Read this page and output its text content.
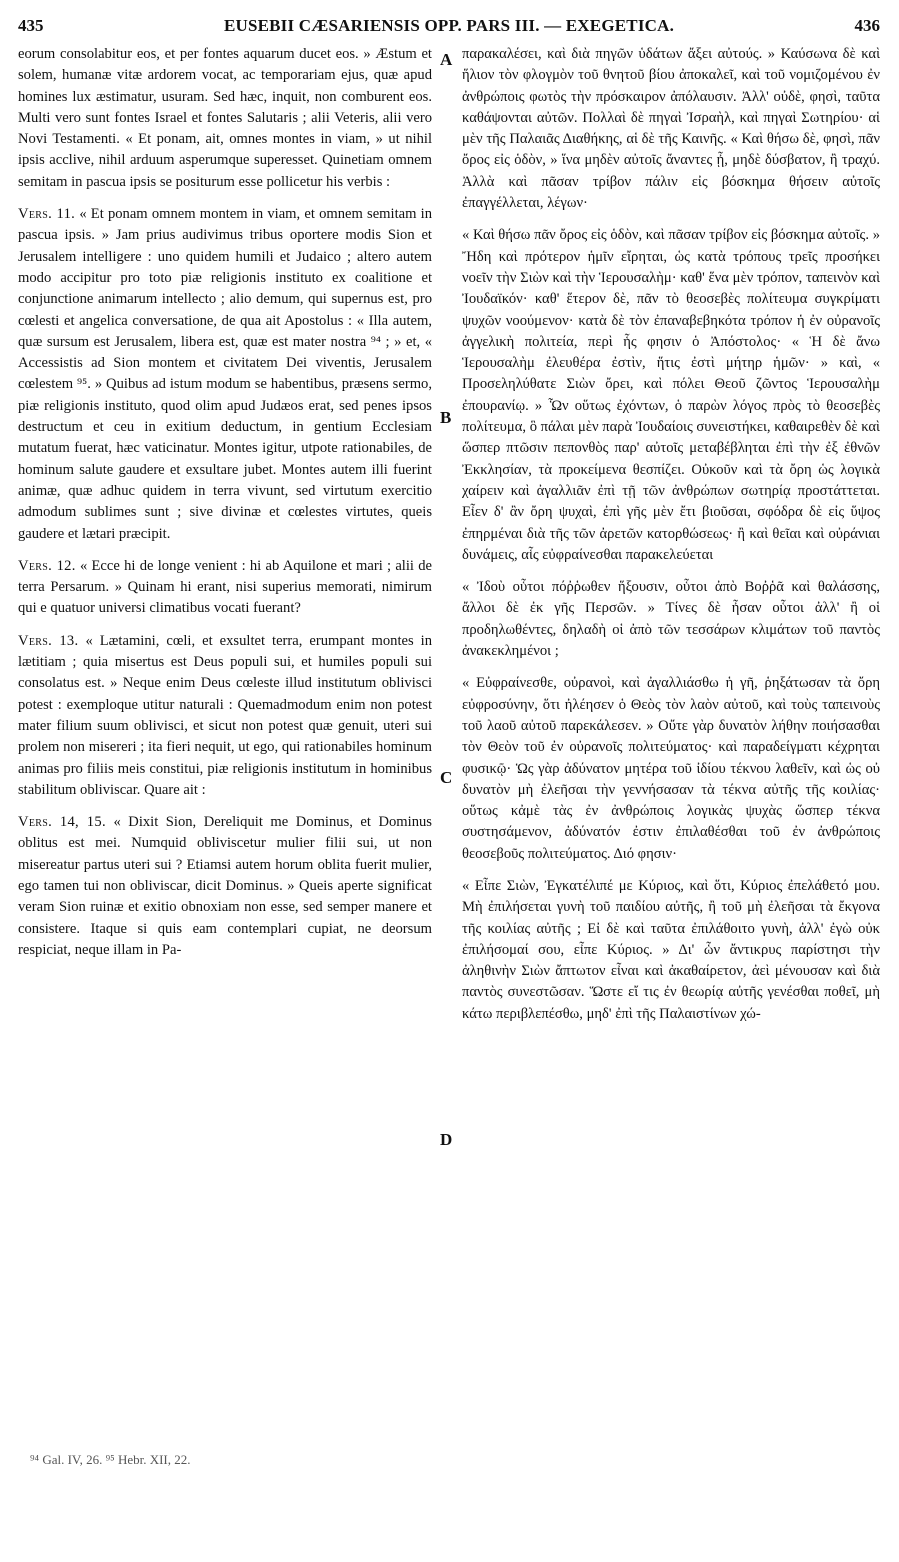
435	EUSEBII CÆSARIENSIS OPP. PARS III. — EXEGETICA.	436

eorum consolabitur eos, et per fontes aquarum ducet eos. » Æstum et solem, humanæ vitæ ardorem vocat, ac temporariam ejus, quæ apud homines lux æstimatur, usuram. Sed hæc, inquit, non comburent eos. Multi vero sunt fontes Israel et fontes Salutaris ; alii Veteris, alii vero Novi Testamenti. « Et ponam, ait, omnes montes in viam, » ut nihil ipsis acclive, nihil arduum asperumque superesset. Quinetiam omnem semitam in pascua ipsis se positurum esse pollicetur his verbis :

Vers. 11. « Et ponam omnem montem in viam, et omnem semitam in pascua ipsis. » Jam prius audivimus tribus oportere modis Sion et Jerusalem intelligere : uno quidem humili et Judaico ; altero autem modo accipitur pro toto piæ religionis instituto ex coalitione et conjunctione animarum intellecto ; alio demum, qui supernus est, pro cœlesti et angelica conversatione, de qua ait Apostolus : « Illa autem, quæ sursum est Jerusalem, libera est, quæ est mater nostra ⁹⁴ ; » et, « Accessistis ad Sion montem et civitatem Dei viventis, Jerusalem cœlestem ⁹⁵. » Quibus ad istum modum se habentibus, præsens sermo, piæ religionis instituto, quod olim apud Judæos erat, sed penes ipsos destructum et ceu in exitium deductum, in gentium Ecclesiam mutatum fuerat, hæc vaticinatur. Montes igitur, utpote rationabiles, de hominum salute gaudere et exsultare jubet. Montes autem illi fuerint animæ, quæ adhuc quidem in terra vivunt, sed virtutum exercitio admodum sublimes sunt ; sive divinæ et cœlestes virtutes, queis gaudere et lætari præcipit.

Vers. 12. « Ecce hi de longe venient : hi ab Aquilone et mari ; alii de terra Persarum. » Quinam hi erant, nisi superius memorati, nimirum qui e quatuor universi climatibus vocati fuerant?

Vers. 13. « Lætamini, cœli, et exsultet terra, erumpant montes in lætitiam ; quia misertus est Deus populi sui, et humiles populi sui consolatus est. » Neque enim Deus cœleste illud institutum oblivisci potest : exemploque utitur naturali : Quemadmodum enim non potest mater filium suum oblivisci, et sicut non potest quæ genuit, uteri sui prolem non misereri ; ita fieri nequit, ut ego, qui rationabiles hominum animas pro filiis meis constitui, piæ religionis institutum in hominibus stabilitum obliviscar. Quare ait :

Vers. 14, 15. « Dixit Sion, Dereliquit me Dominus, et Dominus oblitus est mei. Numquid obliviscetur mulier filii sui, ut non misereatur partus uteri sui ? Etiamsi autem horum oblita fuerit mulier, ego tamen tui non obliviscar, dicit Dominus. » Queis aperte significat veram Sion ruinæ et exitio obnoxiam non esse, sed semper manere et consistere. Itaque si quis eam contemplari cupiat, ne deorsum respiciat, neque illam in Pa-

A
B
C
D

παρακαλέσει, καὶ διὰ πηγῶν ὑδάτων ἄξει αὐτούς. » Καύσωνα δὲ καὶ ἥλιον τὸν φλογμὸν τοῦ θνητοῦ βίου ἀποκαλεῖ, καὶ τοῦ νομιζομένου ἐν ἀνθρώποις φωτὸς τὴν πρόσκαιρον ἀπόλαυσιν. Ἀλλ' οὐδὲ, φησὶ, ταῦτα καθάψονται αὐτῶν. Πολλαὶ δὲ πηγαὶ Ἰσραὴλ, καὶ πηγαὶ Σωτηρίου· αἱ μὲν τῆς Παλαιᾶς Διαθήκης, αἱ δὲ τῆς Καινῆς. « Καὶ θήσω δὲ, φησὶ, πᾶν ὄρος εἰς ὁδὸν, » ἵνα μηδὲν αὐτοῖς ἄναντες ᾖ, μηδὲ δύσβατον, ἢ τραχύ. Ἀλλὰ καὶ πᾶσαν τρίβον πάλιν εἰς βόσκημα θήσειν αὐτοῖς ἐπαγγέλλεται, λέγων·

« Καὶ θήσω πᾶν ὄρος εἰς ὁδὸν, καὶ πᾶσαν τρίβον εἰς βόσκημα αὐτοῖς. » Ἤδη καὶ πρότερον ἡμῖν εἴρηται, ὡς κατὰ τρόπους τρεῖς προσήκει νοεῖν τὴν Σιὼν καὶ τὴν Ἱερουσαλὴμ· καθ' ἕνα μὲν τρόπον, ταπεινὸν καὶ Ἰουδαϊκόν· καθ' ἕτερον δὲ, πᾶν τὸ θεοσεβὲς πολίτευμα συγκρίματι ψυχῶν νοούμενον· κατὰ δὲ τὸν ἐπαναβεβηκότα τρόπον ἡ ἐν οὐρανοῖς ἀγγελικὴ πολιτεία, περὶ ἧς φησιν ὁ Ἀπόστολος· « Ἡ δὲ ἄνω Ἱερουσαλὴμ ἐλευθέρα ἐστὶν, ἥτις ἐστὶ μήτηρ ἡμῶν· » καὶ, « Προσεληλύθατε Σιὼν ὄρει, καὶ πόλει Θεοῦ ζῶντος Ἱερουσαλὴμ ἐπουρανίῳ. » Ὧν οὕτως ἐχόντων, ὁ παρὼν λόγος πρὸς τὸ θεοσεβὲς πολίτευμα, ὃ πάλαι μὲν παρὰ Ἰουδαίοις συνειστήκει, καθαιρεθὲν δὲ καὶ ὥσπερ πτῶσιν πεπονθὸς παρ' αὐτοῖς μεταβέβληται ἐπὶ τὴν ἐξ ἐθνῶν Ἐκκλησίαν, τὰ προκείμενα θεσπίζει. Οὐκοῦν καὶ τὰ ὄρη ὡς λογικὰ χαίρειν καὶ ἀγαλλιᾶν ἐπὶ τῇ τῶν ἀνθρώπων σωτηρίᾳ προστάττεται. Εἶεν δ' ἂν ὄρη ψυχαὶ, ἐπὶ γῆς μὲν ἔτι βιοῦσαι, σφόδρα δὲ εἰς ὕψος ἐπηρμέναι διὰ τῆς τῶν ἀρετῶν κατορθώσεως· ἢ καὶ θεῖαι καὶ οὐράνιαι δυνάμεις, αἷς εὐφραίνεσθαι παρακελεύεται

« Ἰδοὺ οὗτοι πόῤῥωθεν ἥξουσιν, οὗτοι ἀπὸ Βοῤῥᾶ καὶ θαλάσσης, ἄλλοι δὲ ἐκ γῆς Περσῶν. » Τίνες δὲ ἦσαν οὗτοι ἀλλ' ἢ οἱ προδηλωθέντες, δηλαδὴ οἱ ἀπὸ τῶν τεσσάρων κλιμάτων τοῦ παντὸς ἀνακεκλημένοι ;

« Εὐφραίνεσθε, οὐρανοὶ, καὶ ἀγαλλιάσθω ἡ γῆ, ῥηξάτωσαν τὰ ὄρη εὐφροσύνην, ὅτι ἠλέησεν ὁ Θεὸς τὸν λαὸν αὐτοῦ, καὶ τοὺς ταπεινοὺς τοῦ λαοῦ αὐτοῦ παρεκάλεσεν. » Οὔτε γὰρ δυνατὸν λήθην ποιήσασθαι τὸν Θεὸν τοῦ ἐν οὐρανοῖς πολιτεύματος· καὶ παραδείγματι κέχρηται φυσικῷ· Ὡς γὰρ ἀδύνατον μητέρα τοῦ ἰδίου τέκνου λαθεῖν, καὶ ὡς οὐ δυνατὸν μὴ ἐλεῆσαι τὴν γεννήσασαν τὰ τέκνα αὐτῆς τῆς κοιλίας· οὕτως κἀμὲ τὰς ἐν ἀνθρώποις λογικὰς ψυχὰς ὥσπερ τέκνα συστησάμενον, ἀδύνατόν ἐστιν ἐπιλαθέσθαι τοῦ ἐν ἀνθρώποις θεοσεβοῦς πολιτεύματος. Διό φησιν·

« Εἶπε Σιὼν, Ἐγκατέλιπέ με Κύριος, καὶ ὅτι, Κύριος ἐπελάθετό μου. Μὴ ἐπιλήσεται γυνὴ τοῦ παιδίου αὐτῆς, ἢ τοῦ μὴ ἐλεῆσαι τὰ ἔκγονα τῆς κοιλίας αὐτῆς ; Εἰ δὲ καὶ ταῦτα ἐπιλάθοιτο γυνὴ, ἀλλ' ἐγὼ οὐκ ἐπιλήσομαί σου, εἶπε Κύριος. » Δι' ὧν ἄντικρυς παρίστησι τὴν ἀληθινὴν Σιὼν ἄπτωτον εἶναι καὶ ἀκαθαίρετον, ἀεὶ μένουσαν καὶ διὰ παντὸς συνεστῶσαν. Ὥστε εἴ τις ἐν θεωρίᾳ αὐτῆς γενέσθαι ποθεῖ, μὴ κάτω περιβλεπέσθω, μηδ' ἐπὶ τῆς Παλαιστίνων χώ-

⁹⁴ Gal. IV, 26. ⁹⁵ Hebr. XII, 22.
